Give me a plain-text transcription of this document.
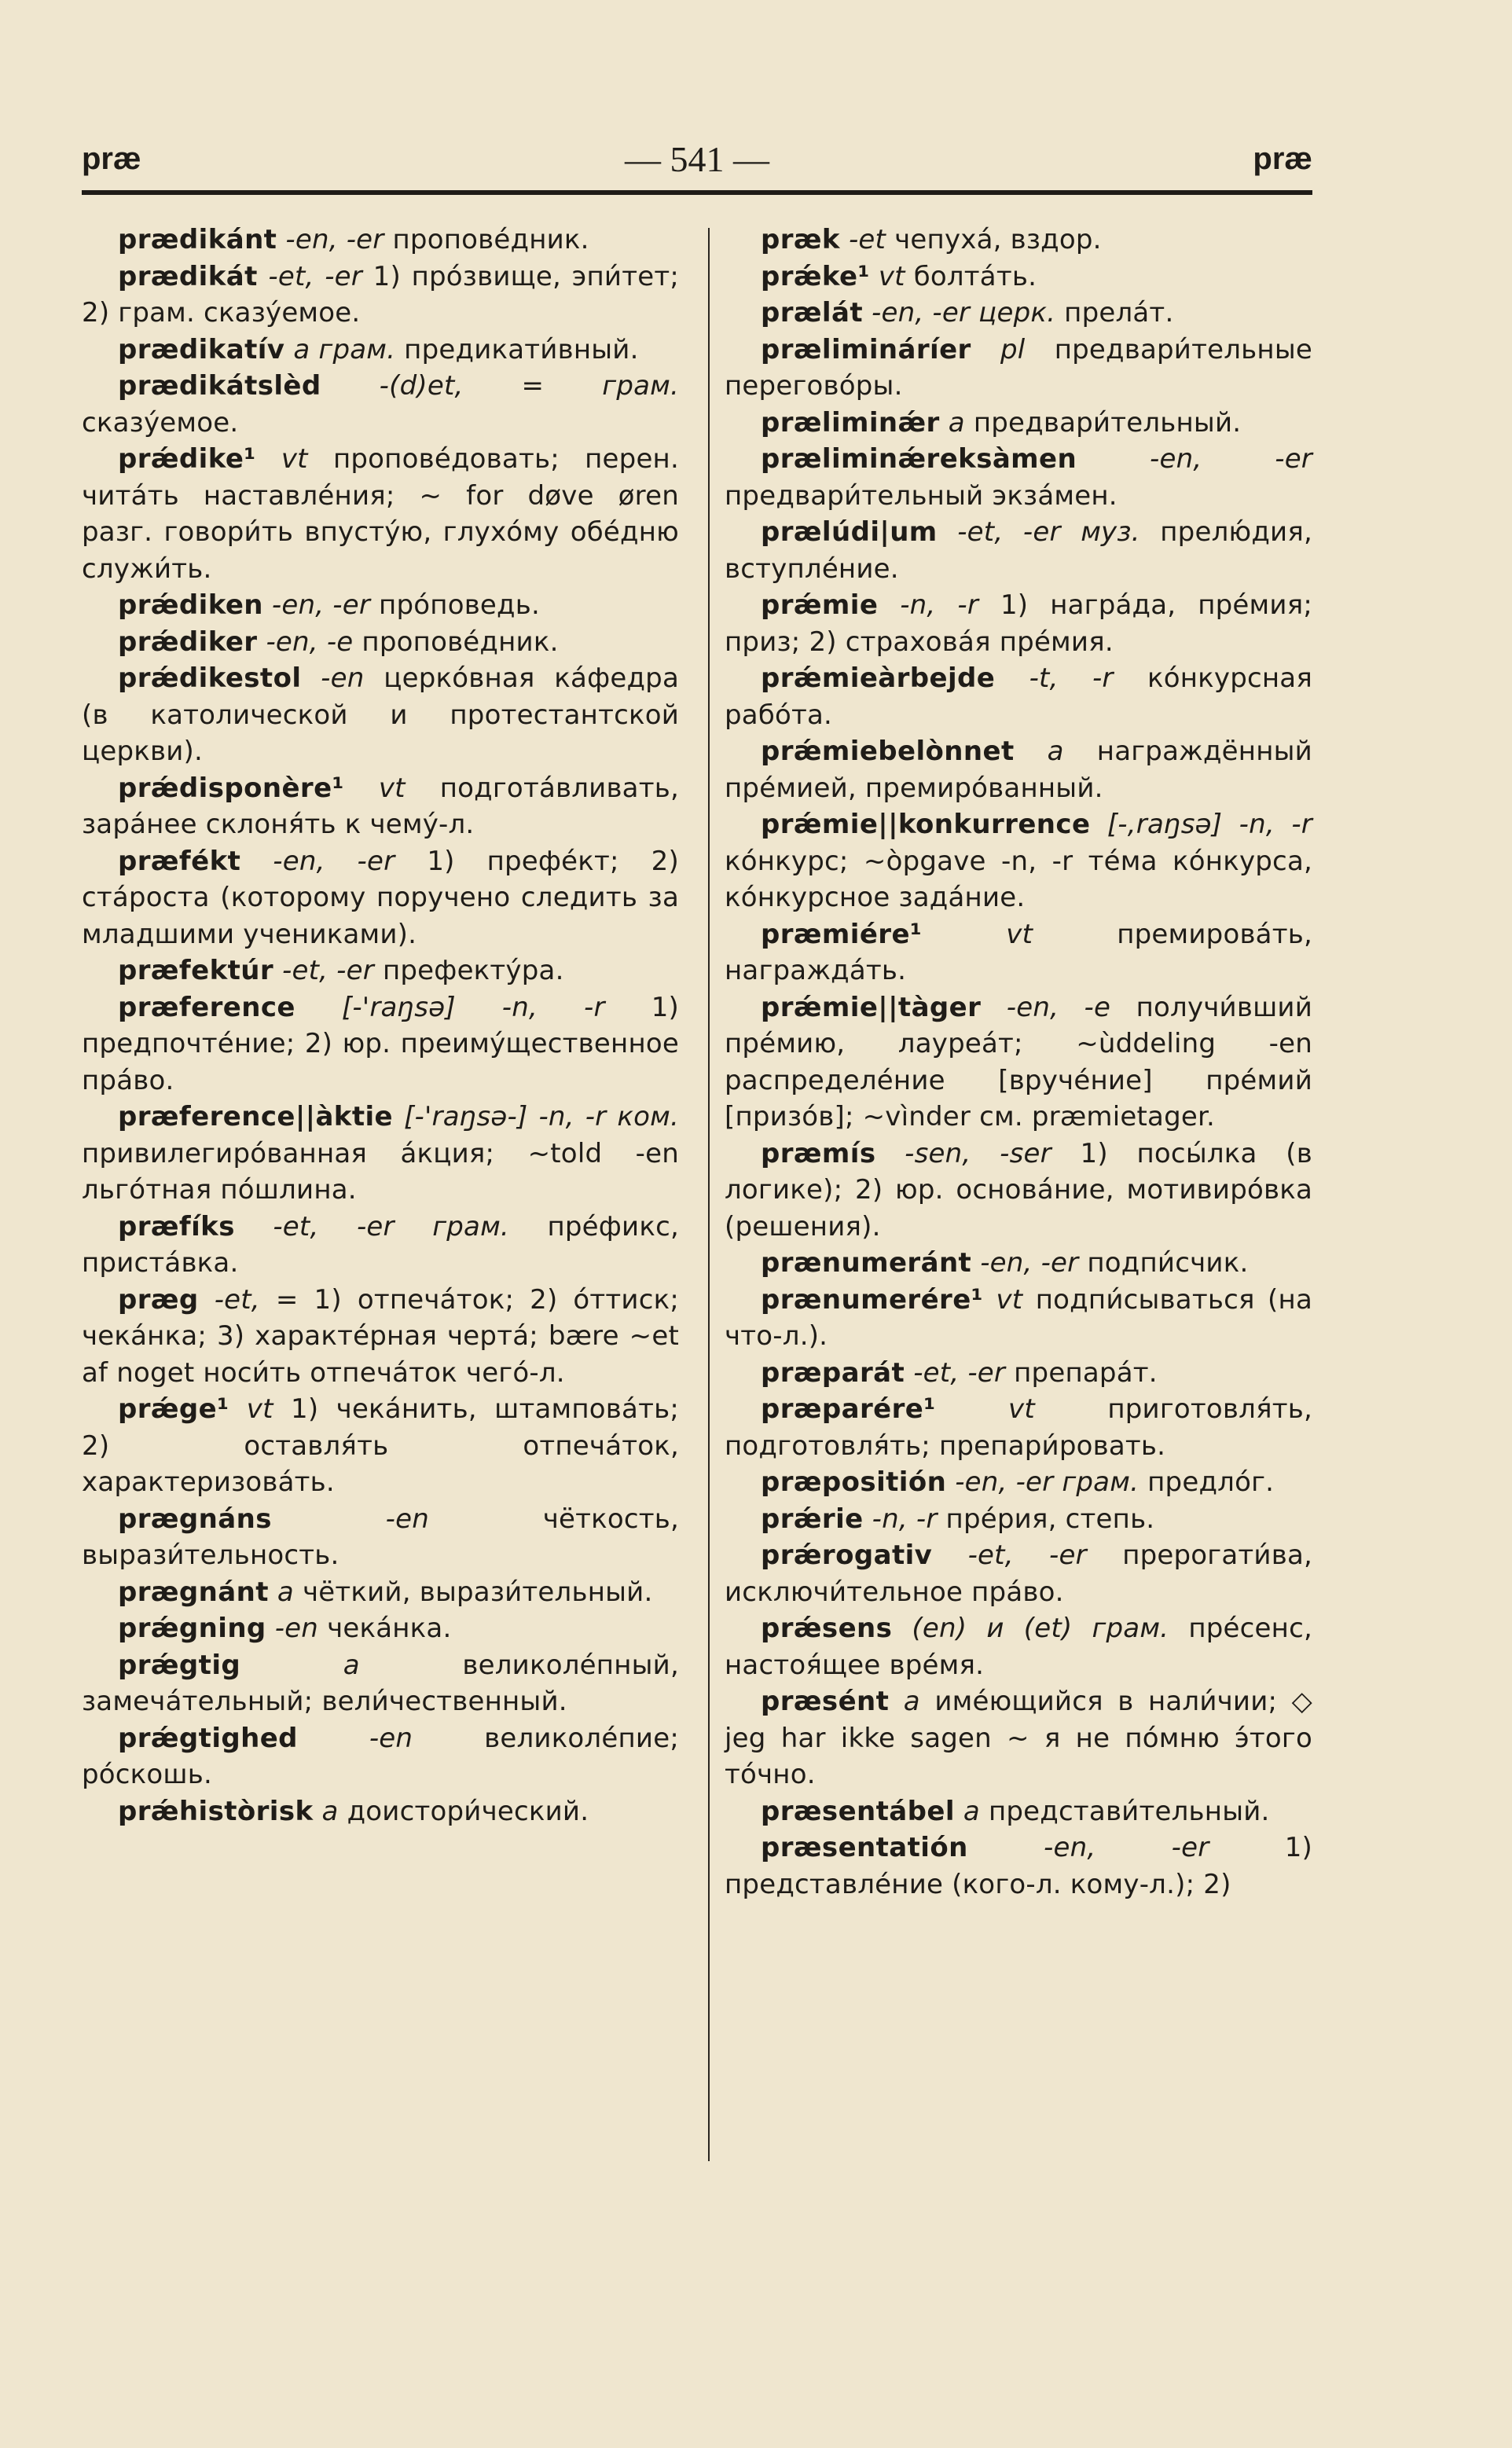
præ	— 541 —	præ

prædikánt -en, -er пропове́дник.

prædikát -et, -er 1) про́звище, эпи́тет; 2) грам. сказу́емое.

prædikatív a грам. предикати́вный.

prædikátslèd -(d)et, = грам. сказу́емое.

prǽdike¹ vt пропове́довать; перен. чита́ть наставле́ния; ~ for døve øren разг. говори́ть впусту́ю, глухо́му обе́дню служи́ть.

prǽdiken -en, -er про́поведь.

prǽdiker -en, -e пропове́дник.

prǽdikestol -en церко́вная ка́федра (в католической и протестантской церкви).

prǽdisponère¹ vt подгота́вливать, зара́нее склоня́ть к чему́-л.

præfékt -en, -er 1) префе́кт; 2) ста́роста (которому поручено следить за младшими учениками).

præfektúr -et, -er префекту́ра.

præference [-'raŋsə] -n, -r 1) предпочте́ние; 2) юр. преиму́щественное пра́во.

præference||àktie [-'raŋsə-] -n, -r ком. привилегиро́ванная а́кция; ~told -en льго́тная по́шлина.

præfíks -et, -er грам. пре́фикс, приста́вка.

præg -et, = 1) отпеча́ток; 2) о́ттиск; чека́нка; 3) характе́рная черта́; bære ~et af noget носи́ть отпеча́ток чего́-л.

prǽge¹ vt 1) чека́нить, штампова́ть; 2) оставля́ть отпеча́ток, характеризова́ть.

prægnáns	-en	чёткость, вырази́тельность.

prægnánt a чёткий, вырази́тельный.

prǽgning -en чека́нка.

prǽgtig	a	великоле́пный, замеча́тельный; вели́чественный.

prǽgtighed	-en	великоле́пие; ро́скошь.

prǽhistòrisk a доистори́ческий.

præk -et чепуха́, вздор.

prǽke¹ vt болта́ть.

prælát -en, -er церк. прела́т.

prælimináríer pl предвари́тельные перегово́ры.

præliminǽr a предвари́тельный.

præliminǽreksàmen	-en, -er предвари́тельный экза́мен.

prælúdi|um -et, -er муз. прелю́дия, вступле́ние.

prǽmie -n, -r 1) награ́да, пре́мия; приз; 2) страхова́я пре́мия.

prǽmieàrbejde -t, -r ко́нкурсная рабо́та.

prǽmiebelònnet a награждённый пре́мией, премиро́ванный.

prǽmie||konkurrence [-,raŋsə] -n, -r ко́нкурс; ~òpgave -n, -r те́ма ко́нкурса, ко́нкурсное зада́ние.

præmiére¹	vt	премирова́ть, награжда́ть.

prǽmie||tàger -en, -e получи́вший пре́мию, лауреа́т; ~ùddeling -en распределе́ние [вруче́ние] пре́мий [призо́в]; ~vìnder см. præmietager.

præmís -sen, -ser 1) посы́лка (в логике); 2) юр. основа́ние, мотивиро́вка (решения).

prænumeránt -en, -er подпи́счик.

prænumerére¹ vt подпи́сываться (на что-л.).

præparát -et, -er препара́т.

præparére¹	vt	приготовля́ть, подготовля́ть; препари́ровать.

præpositión -en, -er грам. предло́г.

prǽrie -n, -r пре́рия, степь.

prǽrogativ -et, -er прерогати́ва, исключи́тельное пра́во.

prǽsens (en) и (et) грам. пре́сенс, настоя́щее вре́мя.

præsént a име́ющийся в нали́чии; ◇ jeg har ikke sagen ~ я не по́мню э́того то́чно.

præsentábel a представи́тельный.

præsentatión	-en, -er	1) представле́ние (кого-л. кому-л.); 2)
